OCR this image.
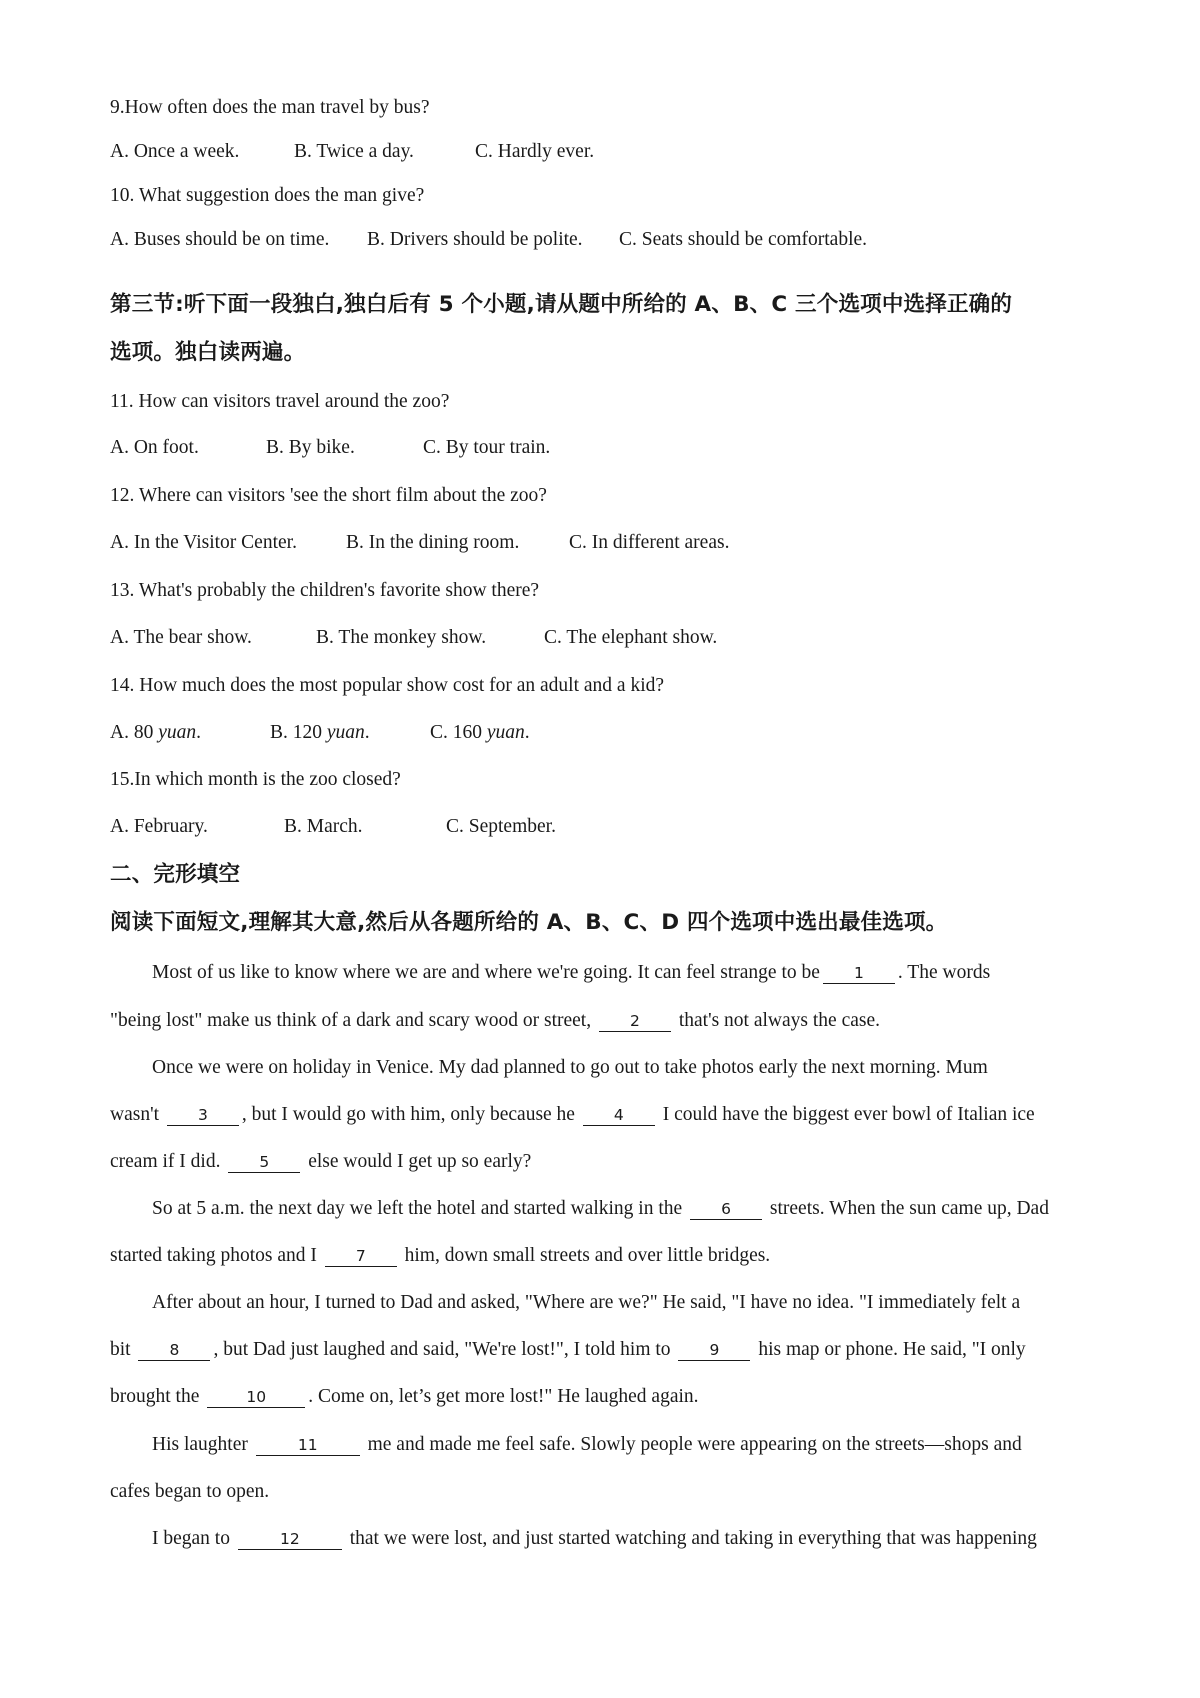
9.How often does the man travel by bus?
A. Once a week.	B. Twice a day.	C. Hardly ever.
10. What suggestion does the man give?
A. Buses should be on time. B. Drivers should be polite. C. Seats should be comfortable.
第三节:听下面一段独白,独白后有 5 个小题,请从题中所给的 A、B、C 三个选项中选择正确的
选项。独白读两遍。
11. How can visitors travel around the zoo?
A. On foot.	B. By bike.	C. By tour train.
12. Where can visitors 'see the short film about the zoo?
A. In the Visitor Center.	B. In the dining room.	C. In different areas.
13. What's probably the children's favorite show there?
A. The bear show.	B. The monkey show.	C. The elephant show.
14. How much does the most popular show cost for an adult and a kid?
A. 80 yuan.	B. 120 yuan.	C. 160 yuan.
15.In which month is the zoo closed?
A. February.	B. March.	C. September.
二、完形填空
阅读下面短文,理解其大意,然后从各题所给的 A、B、C、D 四个选项中选出最佳选项。
Most of us like to know where we are and where we're going. It can feel strange to be 1 . The words
"being lost" make us think of a dark and scary wood or street,	2 that's not always the case.
Once we were on holiday in Venice. My dad planned to go out to take photos early the next morning. Mum
wasn't	3 , but I would go with him, only because he	4 I could have the biggest ever bowl of Italian ice
cream if I did.	5 else would I get up so early?
So at 5 a.m. the next day we left the hotel and started walking in the	6 streets. When the sun came up, Dad
started taking photos and I	7 him, down small streets and over little bridges.
After about an hour, I turned to Dad and asked, "Where are we?" He said, "I have no idea. "I immediately felt a
bit	8 , but Dad just laughed and said, "We're lost!", I told him to	9 his map or phone. He said, "I only
brought the	10 . Come on, let’s get more lost!" He laughed again.
His laughter	11	me and made me feel safe. Slowly people were appearing on the streets—shops and
cafes began to open.
I began to	12	that we were lost, and just started watching and taking in everything that was happening
